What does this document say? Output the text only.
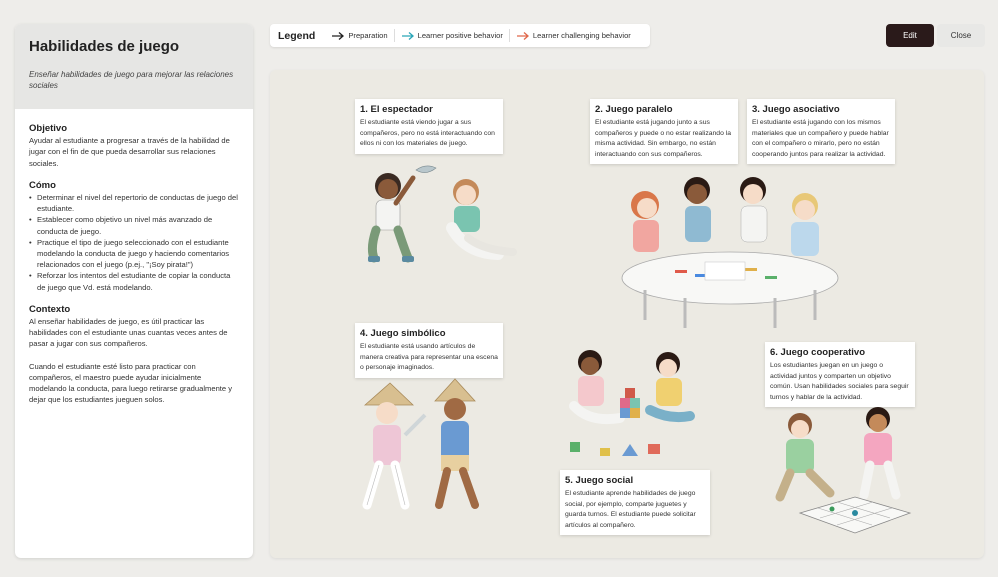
Habilidades de juego
Enseñar habilidades de juego para mejorar las relaciones sociales
Objetivo
Ayudar al estudiante a progresar a través de la habilidad de jugar con el fin de que pueda desarrollar sus relaciones sociales.
Cómo
• Determinar el nivel del repertorio de conductas de juego del estudiante.
• Establecer como objetivo un nivel más avanzado de conducta de juego.
• Practique el tipo de juego seleccionado con el estudiante modelando la conducta de juego y haciendo comentarios relacionados con el juego (p.ej., "¡Soy pirata!")
• Reforzar los intentos del estudiante de copiar la conducta de juego que Vd. está modelando.
Contexto
Al enseñar habilidades de juego, es útil practicar las habilidades con el estudiante unas cuantas veces antes de pasar a jugar con sus compañeros.
Cuando el estudiante esté listo para practicar con compañeros, el maestro puede ayudar inicialmente modelando la conducta, para luego retirarse gradualmente y dejar que los estudiantes jueguen solos.
Legend	Preparation	Learner positive behavior	Learner challenging behavior	Edit	Close
1. El espectador
El estudiante está viendo jugar a sus compañeros, pero no está interactuando con ellos ni con los materiales de juego.
2. Juego paralelo
El estudiante está jugando junto a sus compañeros y puede o no estar realizando la misma actividad. Sin embargo, no están interactuando con sus compañeros.
3. Juego asociativo
El estudiante está jugando con los mismos materiales que un compañero y puede hablar con el compañero o mirarlo, pero no están cooperando juntos para realizar la actividad.
4. Juego simbólico
El estudiante está usando artículos de manera creativa para representar una escena o personaje imaginados.
5. Juego social
El estudiante aprende habilidades de juego social, por ejemplo, comparte juguetes y guarda turnos. El estudiante puede solicitar artículos al compañero.
6. Juego cooperativo
Los estudiantes juegan en un juego o actividad juntos y comparten un objetivo común. Usan habilidades sociales para seguir turnos y hablar de la actividad.
